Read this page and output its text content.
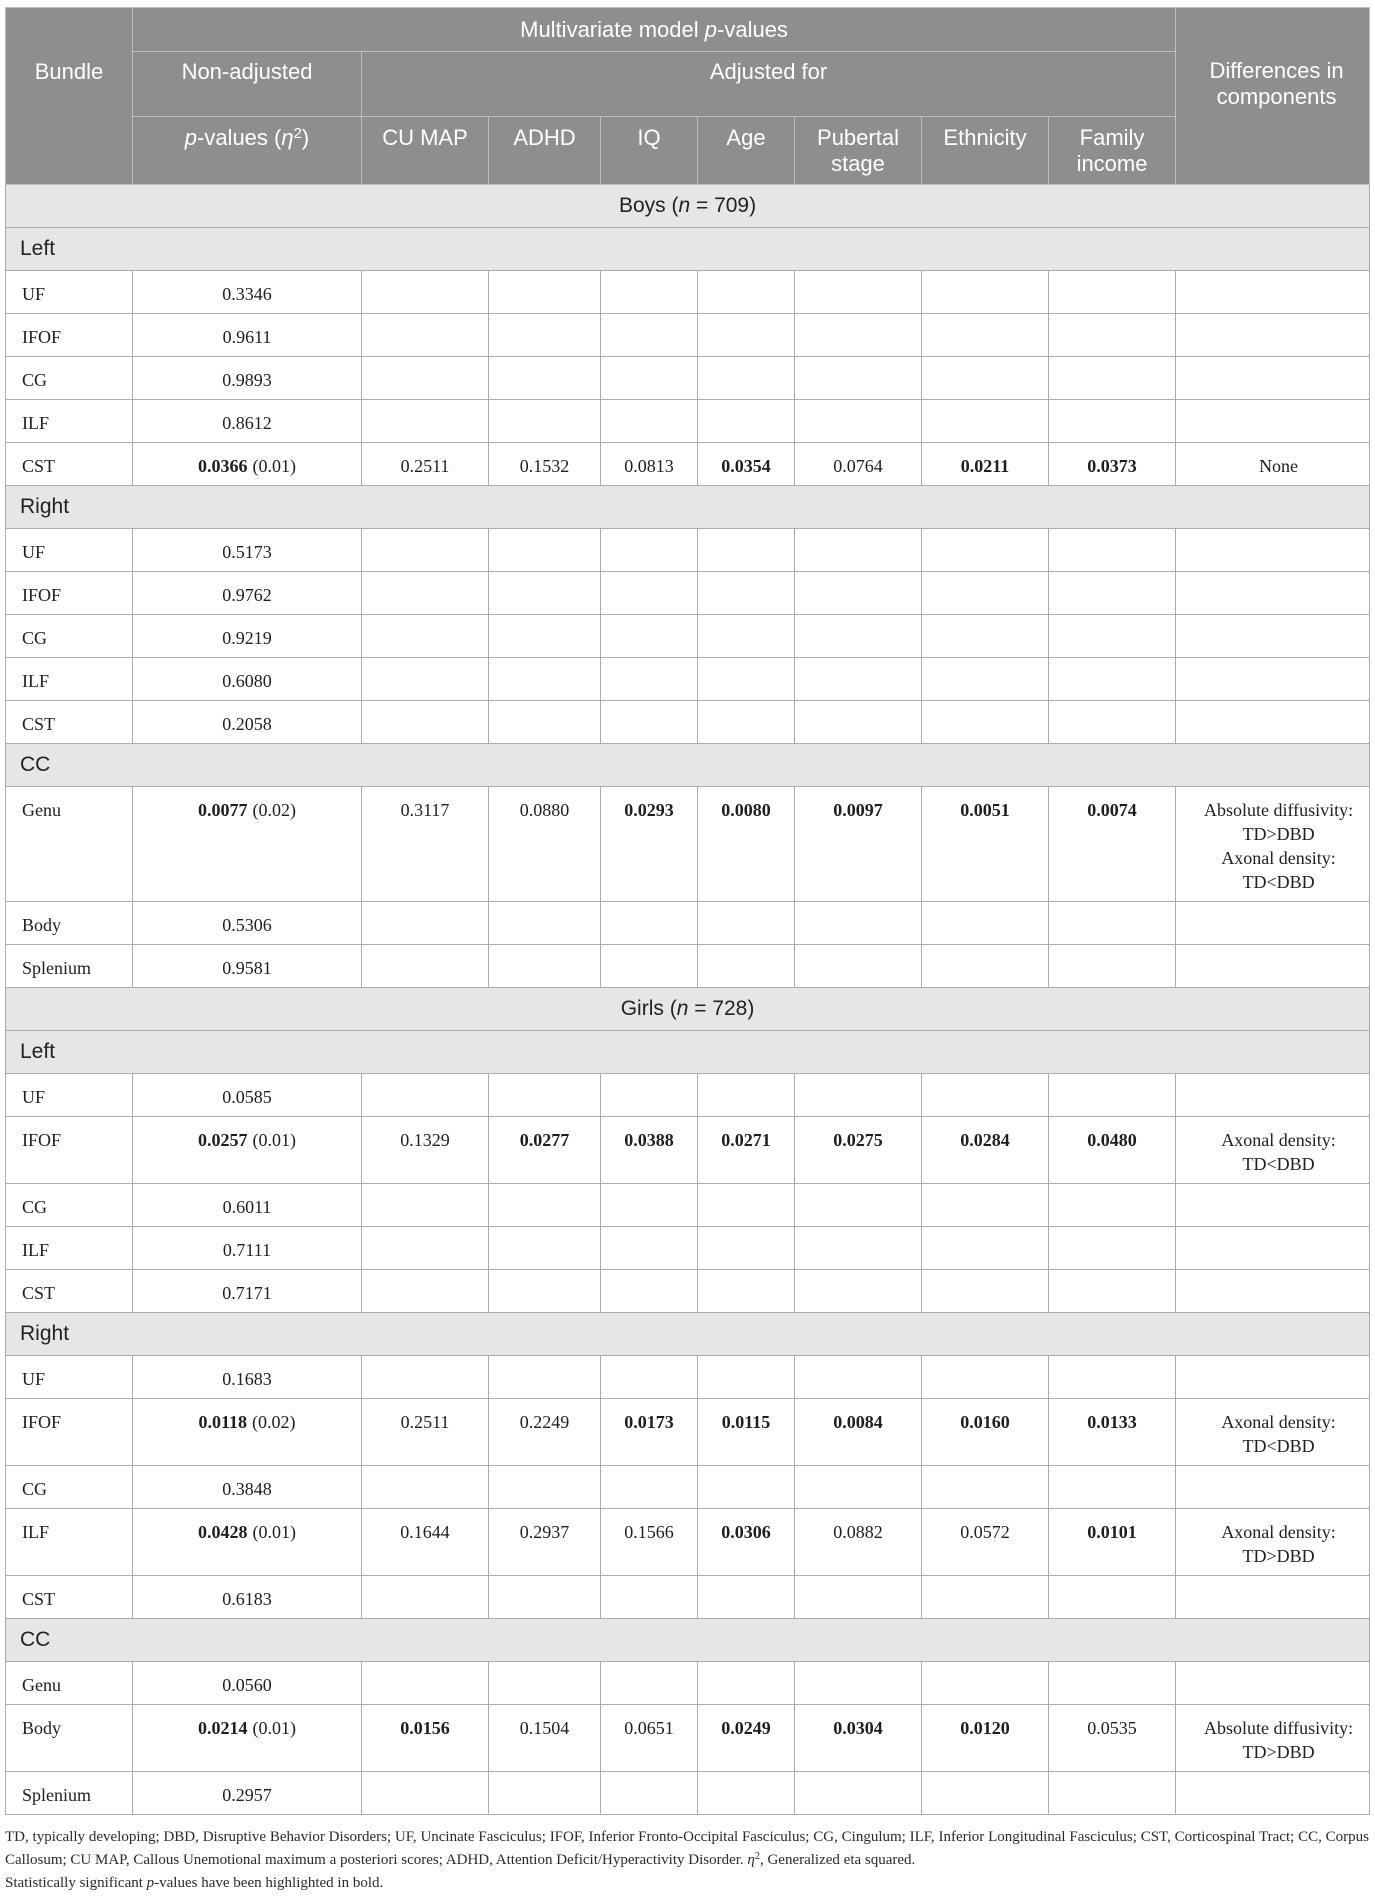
Bundle	Multivariate model p-values								Differences in components
	Non-adjusted	Adjusted for							
	p-values $(\eta^2)$	CU MAP	ADHD	IQ	Age	Pubertal stage	Ethnicity	Family income	
Boys (n = 709)									
Left									
UF	0.3346								
IFOF	0.9611								
CG	0.9893								
ILF	0.8612								
CST	0.0366 (0.01)	0.2511	0.1532	0.0813	0.0354	0.0764	0.0211	0.0373	None

Right									
UF	0.5173								
IFOF	0.9762								
CG	0.9219								
ILF	0.6080								
CST	0.2058								
CC									
Genu	0.0077 (0.02)	0.3117	0.0880	0.0293	0.0080	0.0097	0.0051	0.0074	Absolute diffusivity:
TD>DBD
Axonal density:
TD<DBD

Body	0.5306								
Splenium	0.9581								
Girls (n = 728)									
Left									
UF	0.0585								
IFOF	0.0257 (0.01)	0.1329	0.0277	0.0388	0.0271	0.0275	0.0284	0.0480	Axonal density:
TD<DBD

CG	0.6011								
ILF	0.7111								
CST	0.7171								
Right									
UF	0.1683								
IFOF	0.0118 (0.02)	0.2511	0.2249	0.0173	0.0115	0.0084	0.0160	0.0133	Axonal density:
TD<DBD

CG	0.3848								
ILF	0.0428 (0.01)	0.1644	0.2937	0.1566	0.0306	0.0882	0.0572	0.0101	Axonal density:
TD>DBD

CST	0.6183								
CC									
Genu	0.0560								
Body	0.0214 (0.01)	0.0156	0.1504	0.0651	0.0249	0.0304	0.0120	0.0535	Absolute diffusivity:
TD>DBD

Splenium	0.2957								

TD, typically developing; DBD, Disruptive Behavior Disorders; UF, Uncinate Fasciculus; IFOF, Inferior Fronto-Occipital Fasciculus; CG, Cingulum; ILF, Inferior Longitudinal Fasciculus; CST, Corticospinal Tract; CC, Corpus Callosum; CU MAP, Callous Unemotional maximum a posteriori scores; ADHD, Attention Deficit/Hyperactivity Disorder. $\eta^2$, Generalized eta squared.

Statistically significant p-values have been highlighted in bold.
